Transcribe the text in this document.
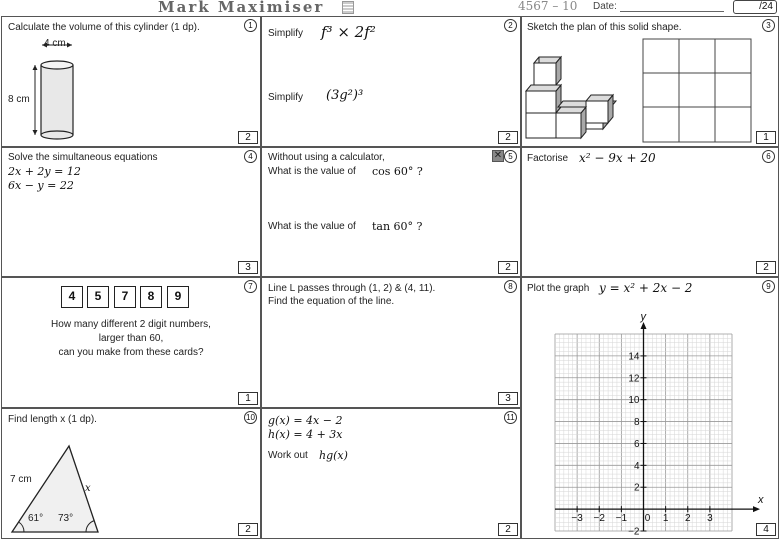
Mark Maximiser	4567 – 10 Date:	/24
1
Calculate the volume of this cylinder (1 dp).
4 cm
8 cm
2
2
Simplify f³ × 2f²
Simplify (3g²)³
2
3
Sketch the plan of this solid shape.
1
4
Solve the simultaneous equations
2x + 2y = 12
6x − y = 22
3
✕ 5
Without using a calculator,
What is the value of cos 60° ?
What is the value of tan 60° ?
2
6
Factorise x² − 9x + 20
2
7
4	5	7	8	9
How many different 2 digit numbers,
larger than 60,
can you make from these cards?
1
8
Line L passes through (1, 2) & (4, 11).
Find the equation of the line.
3
9
Plot the graph y = x² + 2x − 2
x
y
−3 −2 −1 0 1 2 3
−2
2
4
6
8
10
12
14
4
10
Find length x (1 dp).
7 cm
x
61° 73°
2
11
g(x) = 4x − 2
h(x) = 4 + 3x
Work out hg(x)
2
